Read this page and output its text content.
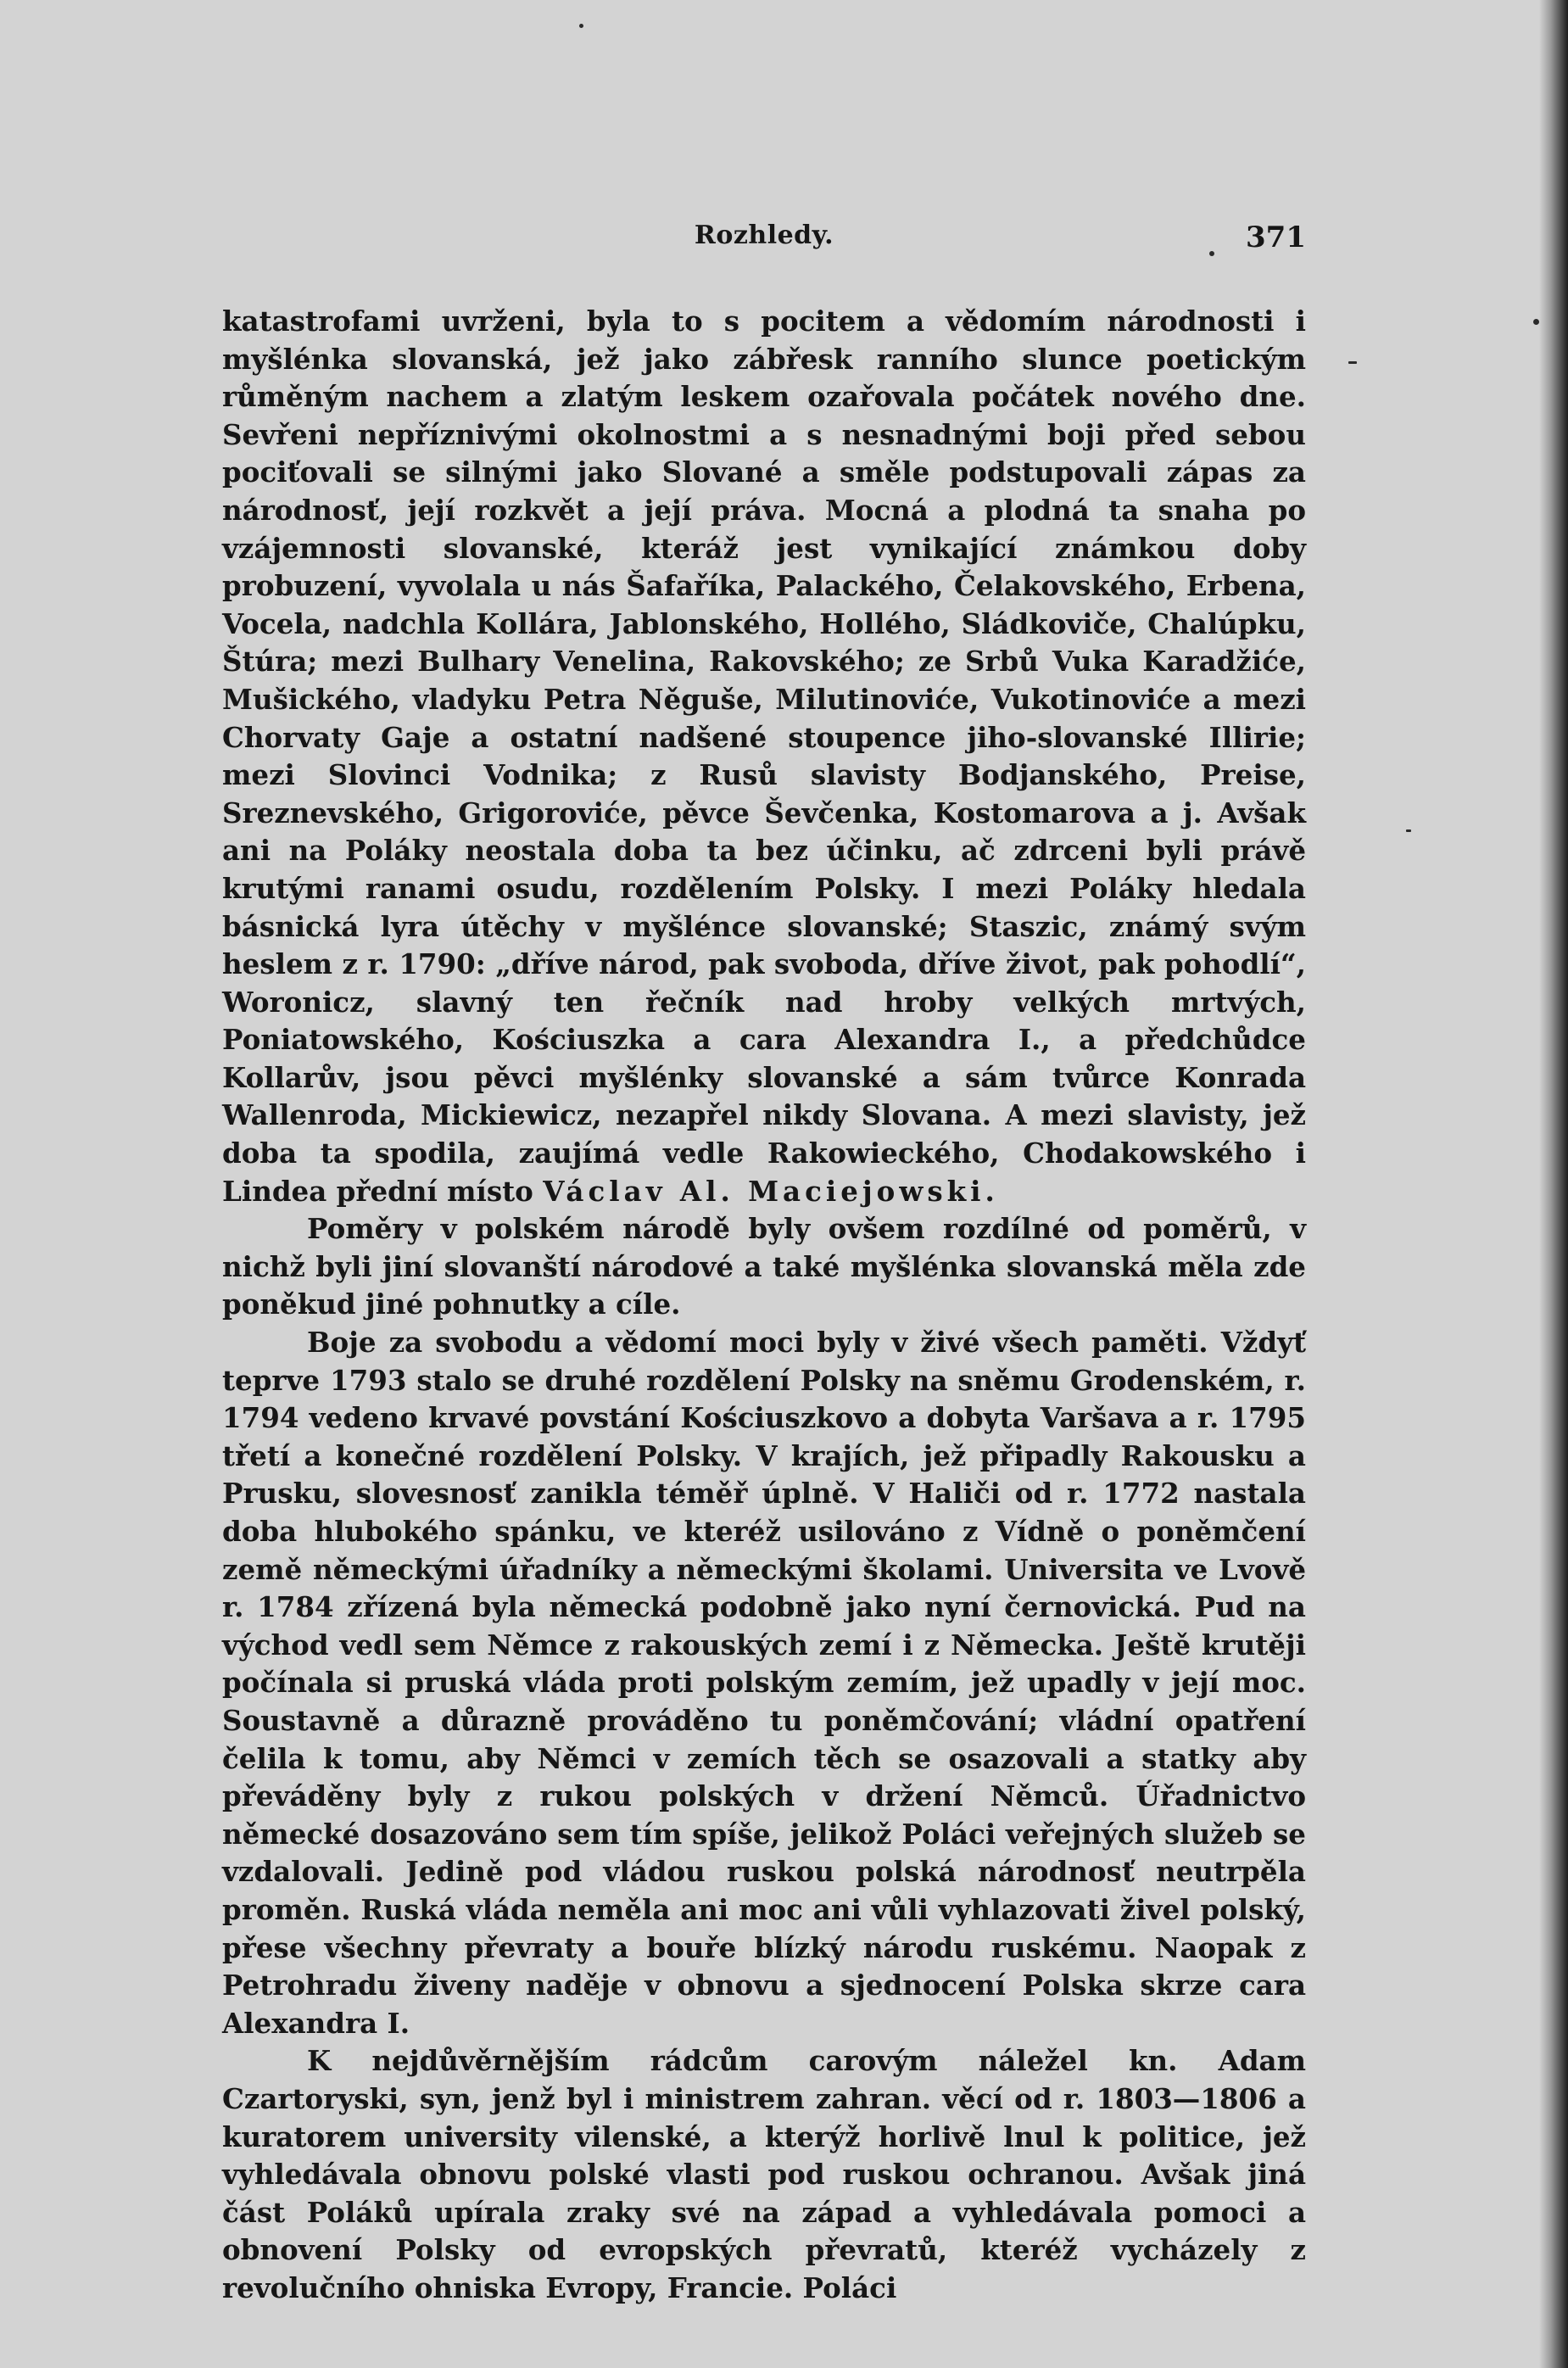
Rozhledy.	371

katastrofami uvrženi, byla to s pocitem a vědomím národnosti i myšlénka slovanská, jež jako zábřesk ranního slunce poetickým růměným nachem a zlatým leskem ozařovala počátek nového dne. Sevřeni nepříznivými okolnostmi a s nesnadnými boji před sebou pociťovali se silnými jako Slované a směle podstupovali zápas za národnosť, její rozkvět a její práva. Mocná a plodná ta snaha po vzájemnosti slovanské, kteráž jest vynikající známkou doby probuzení, vyvolala u nás Šafaříka, Palackého, Čelakovského, Erbena, Vocela, nadchla Kollára, Jablonského, Hollého, Sládkoviče, Chalúpku, Štúra; mezi Bulhary Venelina, Rakovského; ze Srbů Vuka Karadžiće, Mušického, vladyku Petra Něguše, Milutinoviće, Vukotinoviće a mezi Chorvaty Gaje a ostatní nadšené stoupence jiho-slovanské Illirie; mezi Slovinci Vodnika; z Rusů slavisty Bodjanského, Preise, Sreznevského, Grigoroviće, pěvce Ševčenka, Kostomarova a j. Avšak ani na Poláky neostala doba ta bez účinku, ač zdrceni byli právě krutými ranami osudu, rozdělením Polsky. I mezi Poláky hledala básnická lyra útěchy v myšlénce slovanské; Staszic, známý svým heslem z r. 1790: „dříve národ, pak svoboda, dříve život, pak pohodlí“, Woronicz, slavný ten řečník nad hroby velkých mrtvých, Poniatowského, Kościuszka a cara Alexandra I., a předchůdce Kollarův, jsou pěvci myšlénky slovanské a sám tvůrce Konrada Wallenroda, Mickiewicz, nezapřel nikdy Slovana. A mezi slavisty, jež doba ta spodila, zaujímá vedle Rakowieckého, Chodakowského i Lindea přední místo Václav Al. Maciejowski.

Poměry v polském národě byly ovšem rozdílné od poměrů, v nichž byli jiní slovanští národové a také myšlénka slovanská měla zde poněkud jiné pohnutky a cíle.

Boje za svobodu a vědomí moci byly v živé všech paměti. Vždyť teprve 1793 stalo se druhé rozdělení Polsky na sněmu Grodenském, r. 1794 vedeno krvavé povstání Kościuszkovo a dobyta Varšava a r. 1795 třetí a konečné rozdělení Polsky. V krajích, jež připadly Rakousku a Prusku, slovesnosť zanikla téměř úplně. V Haliči od r. 1772 nastala doba hlubokého spánku, ve kteréž usilováno z Vídně o poněmčení země německými úřadníky a německými školami. Universita ve Lvově r. 1784 zřízená byla německá podobně jako nyní černovická. Pud na východ vedl sem Němce z rakouských zemí i z Německa. Ještě krutěji počínala si pruská vláda proti polským zemím, jež upadly v její moc. Soustavně a důrazně prováděno tu poněmčování; vládní opatření čelila k tomu, aby Němci v zemích těch se osazovali a statky aby převáděny byly z rukou polských v držení Němců. Úřadnictvo německé dosazováno sem tím spíše, jelikož Poláci veřejných služeb se vzdalovali. Jedině pod vládou ruskou polská národnosť neutrpěla proměn. Ruská vláda neměla ani moc ani vůli vyhlazovati živel polský, přese všechny převraty a bouře blízký národu ruskému. Naopak z Petrohradu živeny naděje v obnovu a sjednocení Polska skrze cara Alexandra I.

K nejdůvěrnějším rádcům carovým náležel kn. Adam Czartoryski, syn, jenž byl i ministrem zahran. věcí od r. 1803—1806 a kuratorem university vilenské, a kterýž horlivě lnul k politice, jež vyhledávala obnovu polské vlasti pod ruskou ochranou. Avšak jiná část Poláků upírala zraky své na západ a vyhledávala pomoci a obnovení Polsky od evropských převratů, kteréž vycházely z revolučního ohniska Evropy, Francie. Poláci
